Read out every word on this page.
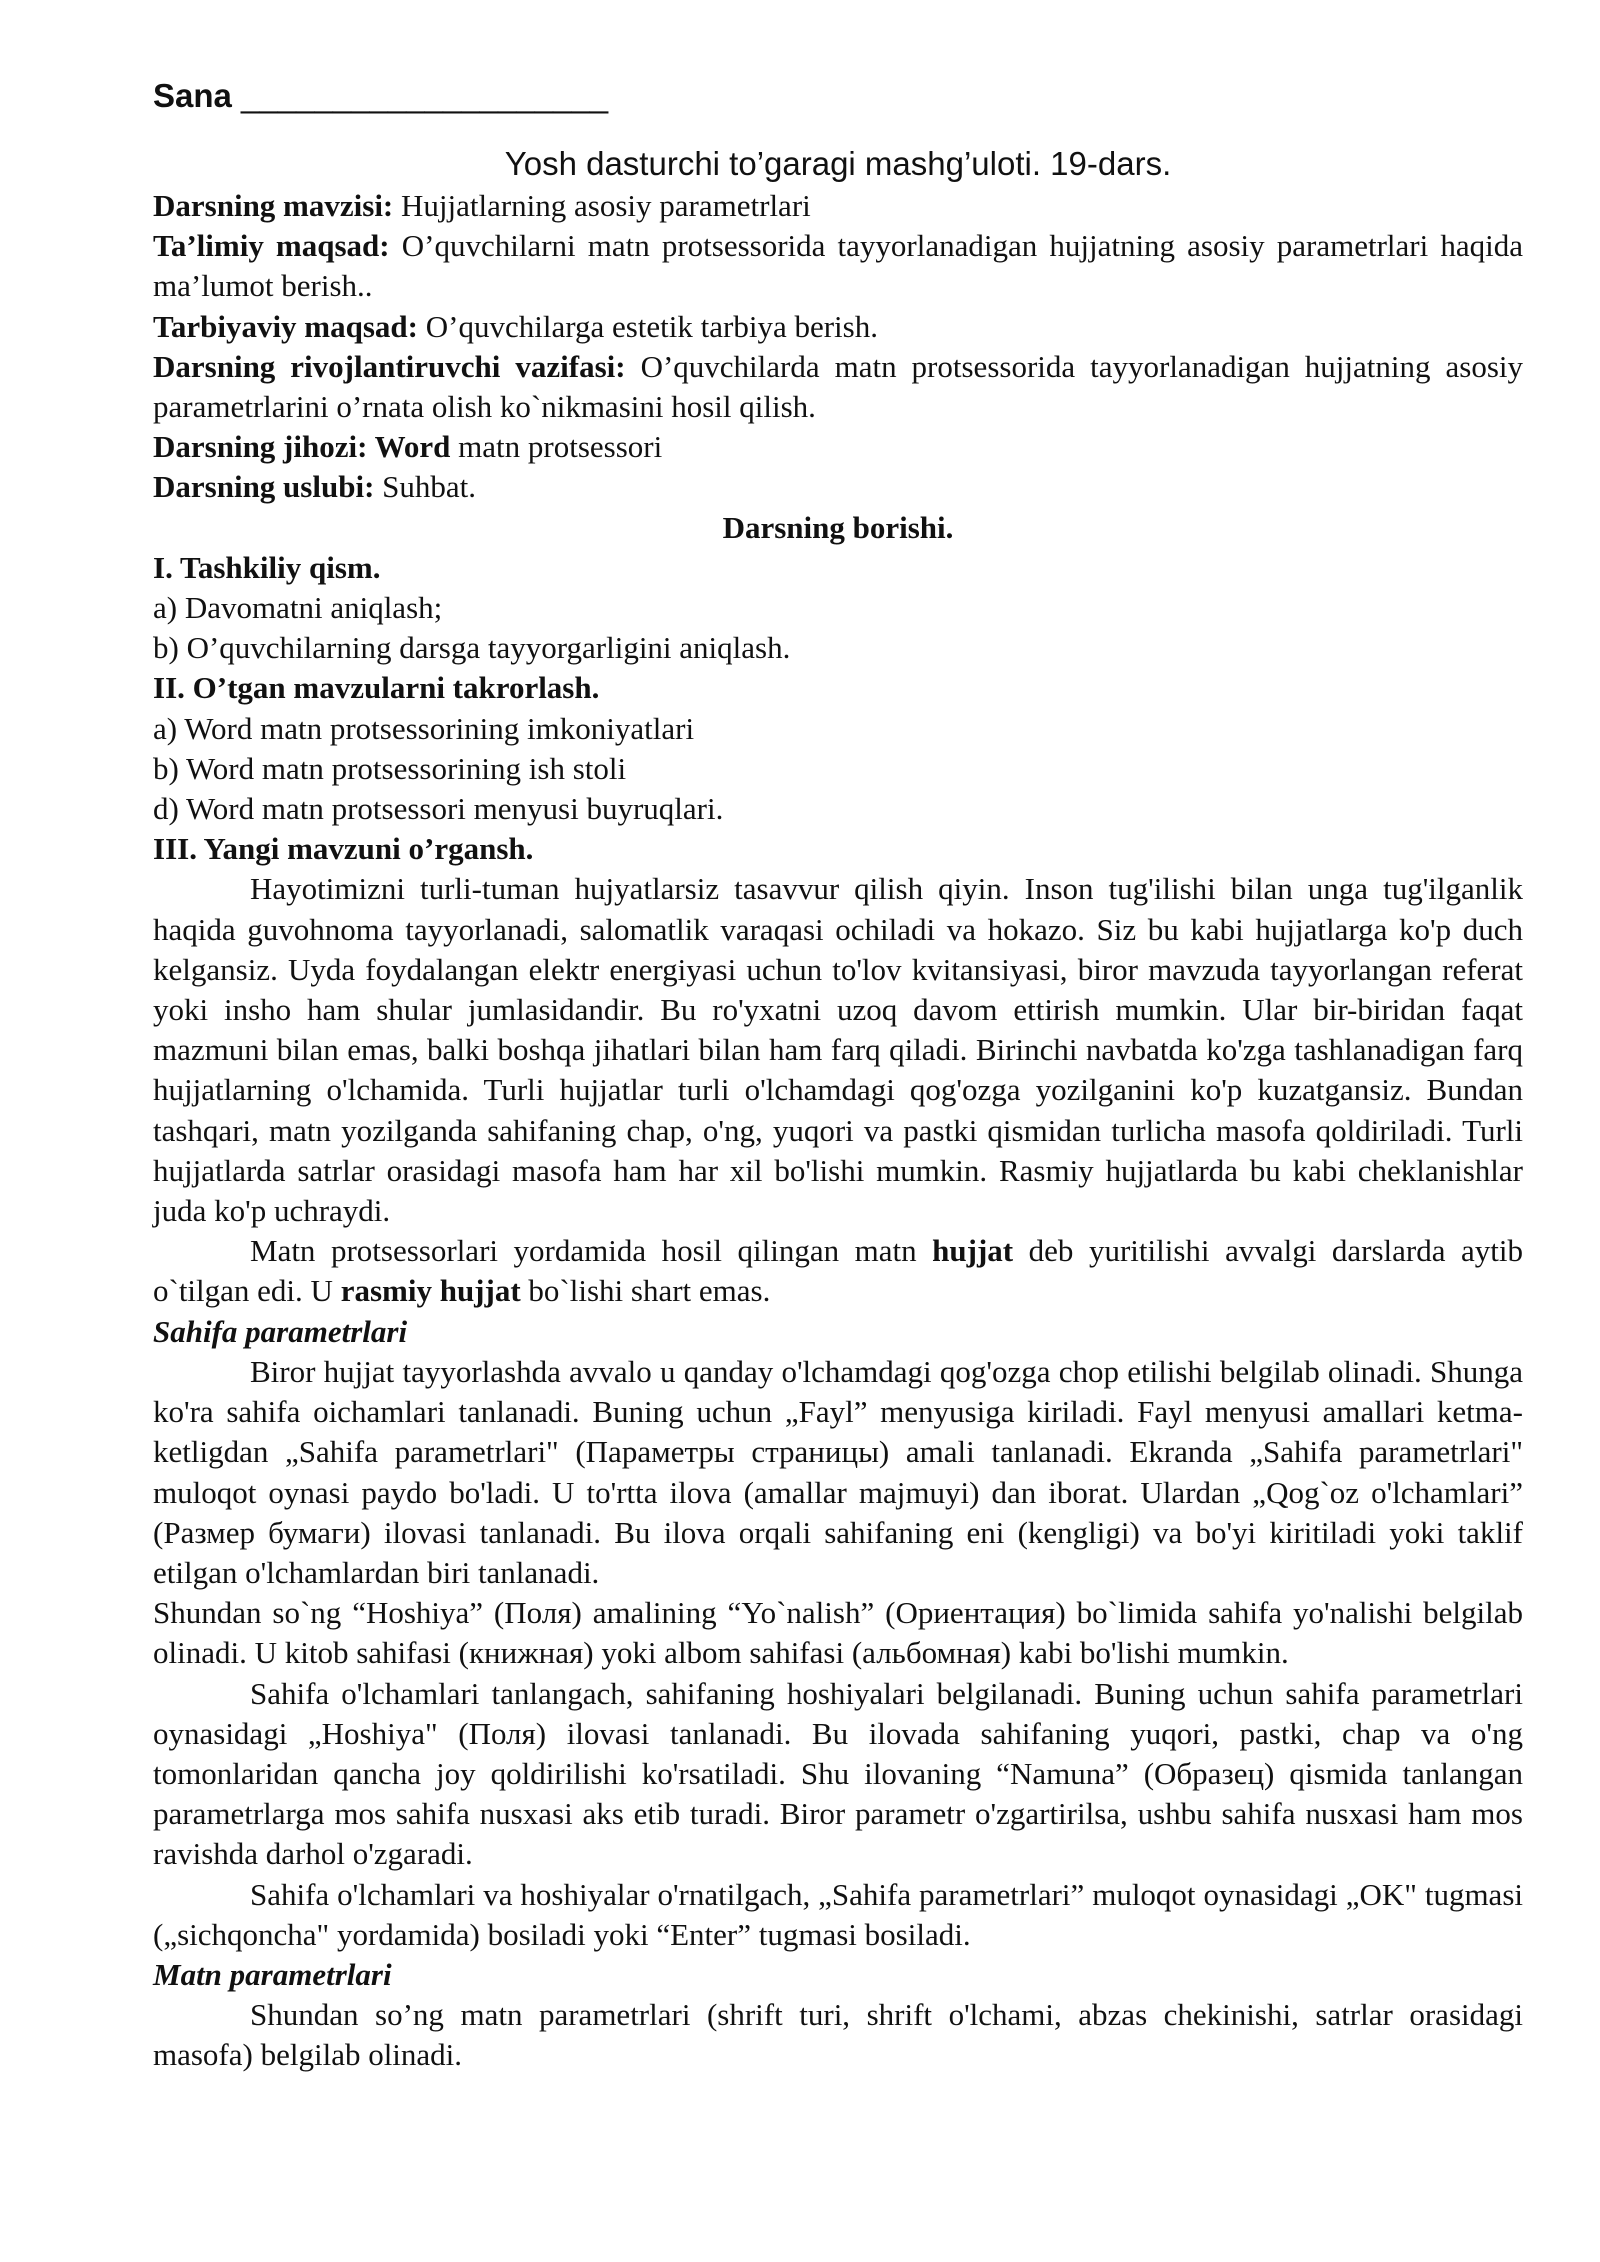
Sana ____________________

Yosh dasturchi to’garagi mashg’uloti. 19-dars.

Darsning mavzisi: Hujjatlarning asosiy parametrlari

Ta’limiy maqsad: O’quvchilarni matn protsessorida tayyorlanadigan hujjatning asosiy parametrlari haqida ma’lumot berish..

Tarbiyaviy maqsad: O’quvchilarga estetik tarbiya berish.

Darsning rivojlantiruvchi vazifasi: O’quvchilarda matn protsessorida tayyorlanadigan hujjatning asosiy parametrlarini o’rnata olish ko`nikmasini hosil qilish.

Darsning jihozi: Word matn protsessori

Darsning uslubi: Suhbat.

Darsning borishi.

I. Tashkiliy qism.

a) Davomatni aniqlash;

b) O’quvchilarning darsga tayyorgarligini aniqlash.

II. O’tgan mavzularni takrorlash.

a) Word matn protsessorining imkoniyatlari

b) Word matn protsessorining ish stoli

d) Word matn protsessori menyusi buyruqlari.

III. Yangi mavzuni o’rgansh.

Hayotimizni turli-tuman hujyatlarsiz tasavvur qilish qiyin. Inson tug'ilishi bilan unga tug'ilganlik haqida guvohnoma tayyorlanadi, salomatlik varaqasi ochiladi va hokazo. Siz bu kabi hujjatlarga ko'p duch kelgansiz. Uyda foydalangan elektr energiyasi uchun to'lov kvitansiyasi, biror mavzuda tayyorlangan referat yoki insho ham shular jumlasidandir. Bu ro'yxatni uzoq davom ettirish mumkin. Ular bir-biridan faqat mazmuni bilan emas, balki boshqa jihatlari bilan ham farq qiladi. Birinchi navbatda ko'zga tashlanadigan farq hujjatlarning o'lchamida. Turli hujjatlar turli o'lchamdagi qog'ozga yozilganini ko'p kuzatgansiz. Bundan tashqari, matn yozilganda sahifaning chap, o'ng, yuqori va pastki qismidan turlicha masofa qoldiriladi. Turli hujjatlarda satrlar orasidagi masofa ham har xil bo'lishi mumkin. Rasmiy hujjatlarda bu kabi cheklanishlar juda ko'p uchraydi.

Matn protsessorlari yordamida hosil qilingan matn hujjat deb yuritilishi avvalgi darslarda aytib o`tilgan edi. U rasmiy hujjat bo`lishi shart emas.

Sahifa parametrlari

Biror hujjat tayyorlashda avvalo u qanday o'lchamdagi qog'ozga chop etilishi belgilab olinadi. Shunga ko'ra sahifa oichamlari tanlanadi. Buning uchun „Fayl” menyusiga kiriladi. Fayl menyusi amallari ketma-ketligdan „Sahifa parametrlari" (Параметры страницы) amali tanlanadi. Ekranda „Sahifa parametrlari" muloqot oynasi paydo bo'ladi. U to'rtta ilova (amallar majmuyi) dan iborat. Ulardan „Qog`oz o'lchamlari” (Размер бумаги) ilovasi tanlanadi. Bu ilova orqali sahifaning eni (kengligi) va bo'yi kiritiladi yoki taklif etilgan o'lchamlardan biri tanlanadi.

Shundan so`ng “Hoshiya” (Поля) amalining “Yo`nalish” (Ориентация) bo`limida sahifa yo'nalishi belgilab olinadi. U kitob sahifasi (книжная) yoki albom sahifasi (альбомная) kabi bo'lishi mumkin.

Sahifa o'lchamlari tanlangach, sahifaning hoshiyalari belgilanadi. Buning uchun sahifa parametrlari oynasidagi „Hoshiya" (Поля) ilovasi tanlanadi. Bu ilovada sahifaning yuqori, pastki, chap va o'ng tomonlaridan qancha joy qoldirilishi ko'rsatiladi. Shu ilovaning “Namuna” (Образец) qismida tanlangan parametrlarga mos sahifa nusxasi aks etib turadi. Biror parametr o'zgartirilsa, ushbu sahifa nusxasi ham mos ravishda darhol o'zgaradi.

Sahifa o'lchamlari va hoshiyalar o'rnatilgach, „Sahifa parametrlari” muloqot oynasidagi „OK" tugmasi („sichqoncha" yordamida) bosiladi yoki “Enter” tugmasi bosiladi.

Matn parametrlari

Shundan so’ng matn parametrlari (shrift turi, shrift o'lchami, abzas chekinishi, satrlar orasidagi masofa) belgilab olinadi.
